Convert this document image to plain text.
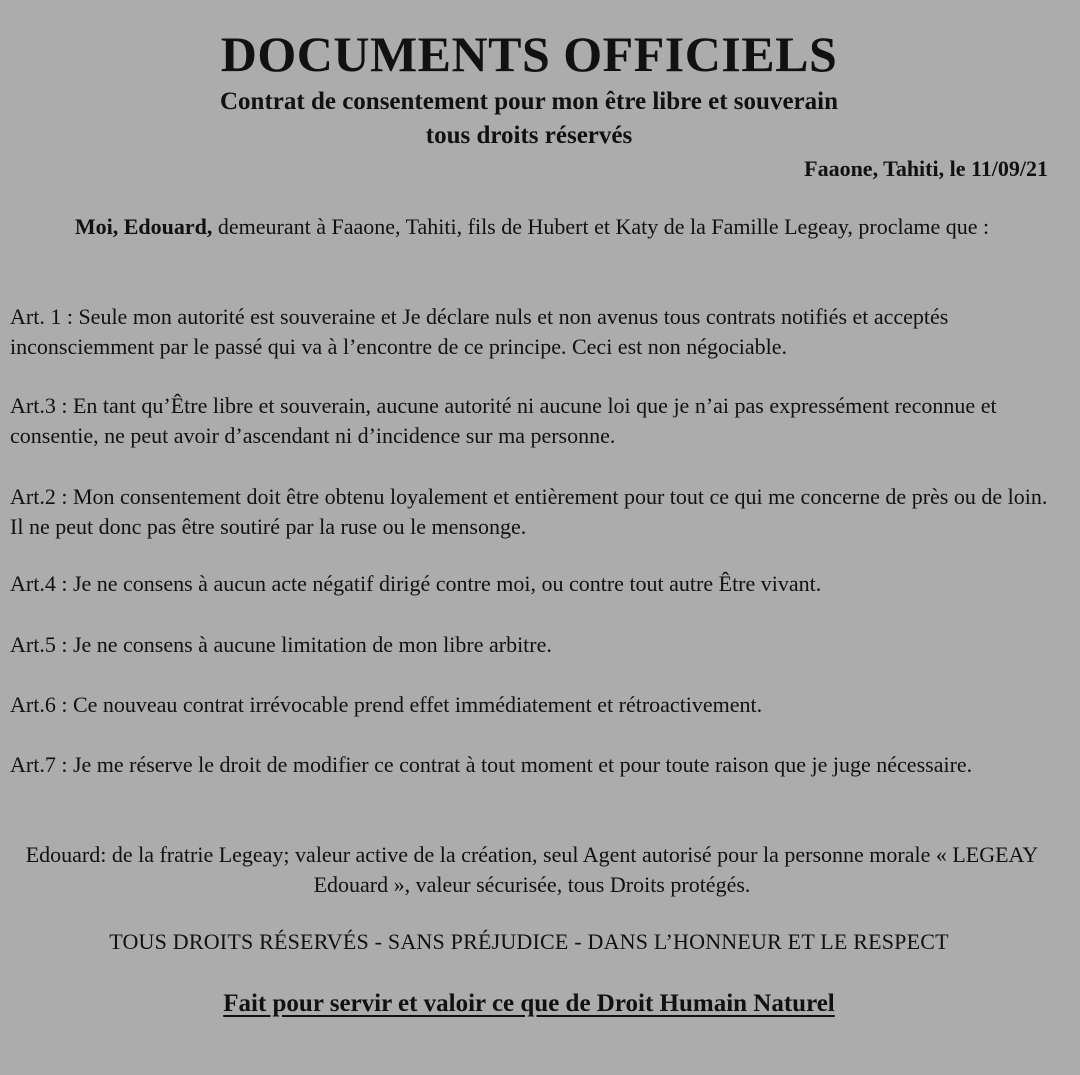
DOCUMENTS OFFICIELS
Contrat de consentement pour mon être libre et souverain
tous droits réservés
Faaone, Tahiti, le 11/09/21
Moi, Edouard, demeurant à Faaone, Tahiti, fils de Hubert et Katy de la Famille Legeay, proclame que :
Art. 1 : Seule mon autorité est souveraine et Je déclare nuls et non avenus tous contrats notifiés et acceptés inconsciemment par le passé qui va à l’encontre de ce principe. Ceci est non négociable.
Art.3 : En tant qu’Être libre et souverain, aucune autorité ni aucune loi que je n’ai pas expressément reconnue et consentie, ne peut avoir d’ascendant ni d’incidence sur ma personne.
Art.2 : Mon consentement doit être obtenu loyalement et entièrement pour tout ce qui me concerne de près ou de loin. Il ne peut donc pas être soutiré par la ruse ou le mensonge.
Art.4 : Je ne consens à aucun acte négatif dirigé contre moi, ou contre tout autre Être vivant.
Art.5 : Je ne consens à aucune limitation de mon libre arbitre.
Art.6 : Ce nouveau contrat irrévocable prend effet immédiatement et rétroactivement.
Art.7 : Je me réserve le droit de modifier ce contrat à tout moment et pour toute raison que je juge nécessaire.
Edouard: de la fratrie Legeay; valeur active de la création, seul Agent autorisé pour la personne morale « LEGEAY Edouard », valeur sécurisée, tous Droits protégés.
TOUS DROITS RÉSERVÉS - SANS PRÉJUDICE - DANS L’HONNEUR ET LE RESPECT
Fait pour servir et valoir ce que de Droit Humain Naturel
